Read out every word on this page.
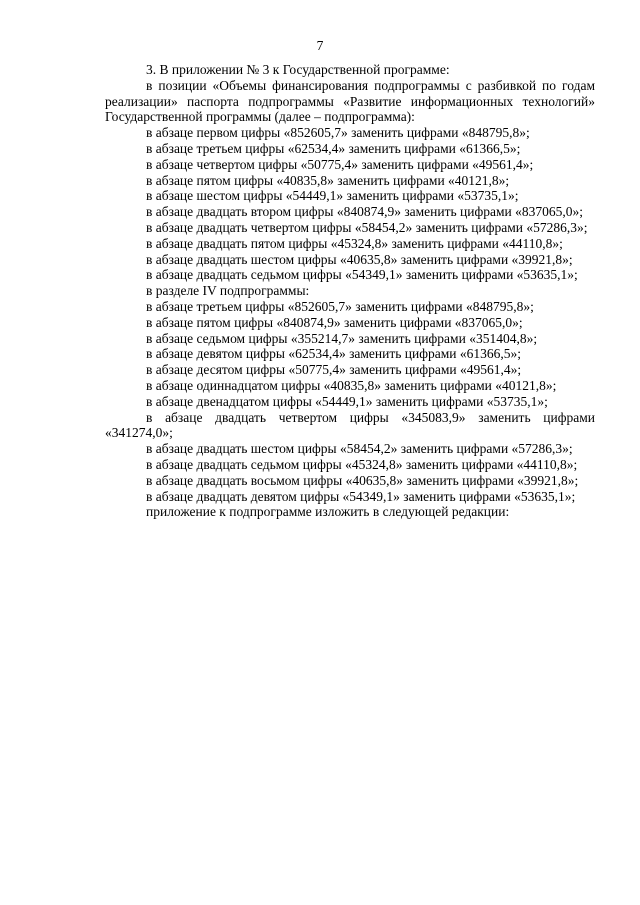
7

3. В приложении № 3 к Государственной программе:

в позиции «Объемы финансирования подпрограммы с разбивкой по годам реализации» паспорта подпрограммы «Развитие информационных технологий» Государственной программы (далее – подпрограмма):

в абзаце первом цифры «852605,7» заменить цифрами «848795,8»;

в абзаце третьем цифры «62534,4» заменить цифрами «61366,5»;

в абзаце четвертом цифры «50775,4» заменить цифрами «49561,4»;

в абзаце пятом цифры «40835,8» заменить цифрами «40121,8»;

в абзаце шестом цифры «54449,1» заменить цифрами «53735,1»;

в абзаце двадцать втором цифры «840874,9» заменить цифрами «837065,0»;

в абзаце двадцать четвертом цифры «58454,2» заменить цифрами «57286,3»;

в абзаце двадцать пятом цифры «45324,8» заменить цифрами «44110,8»;

в абзаце двадцать шестом цифры «40635,8» заменить цифрами «39921,8»;

в абзаце двадцать седьмом цифры «54349,1» заменить цифрами «53635,1»;

в разделе IV подпрограммы:

в абзаце третьем цифры «852605,7» заменить цифрами «848795,8»;

в абзаце пятом цифры «840874,9» заменить цифрами «837065,0»;

в абзаце седьмом цифры «355214,7» заменить цифрами «351404,8»;

в абзаце девятом цифры «62534,4» заменить цифрами «61366,5»;

в абзаце десятом цифры «50775,4» заменить цифрами «49561,4»;

в абзаце одиннадцатом цифры «40835,8» заменить цифрами «40121,8»;

в абзаце двенадцатом цифры «54449,1» заменить цифрами «53735,1»;

в абзаце двадцать четвертом цифры «345083,9» заменить цифрами «341274,0»;

в абзаце двадцать шестом цифры «58454,2» заменить цифрами «57286,3»;

в абзаце двадцать седьмом цифры «45324,8» заменить цифрами «44110,8»;

в абзаце двадцать восьмом цифры «40635,8» заменить цифрами «39921,8»;

в абзаце двадцать девятом цифры «54349,1» заменить цифрами «53635,1»;

приложение к подпрограмме изложить в следующей редакции:
